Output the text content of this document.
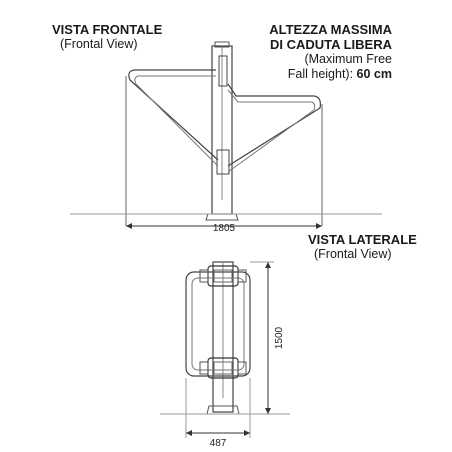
VISTA FRONTALE
(Frontal View)
ALTEZZA MASSIMA
DI CADUTA LIBERA
(Maximum Free
Fall height): 60 cm
VISTA LATERALE
(Frontal View)
1805
1500
487
